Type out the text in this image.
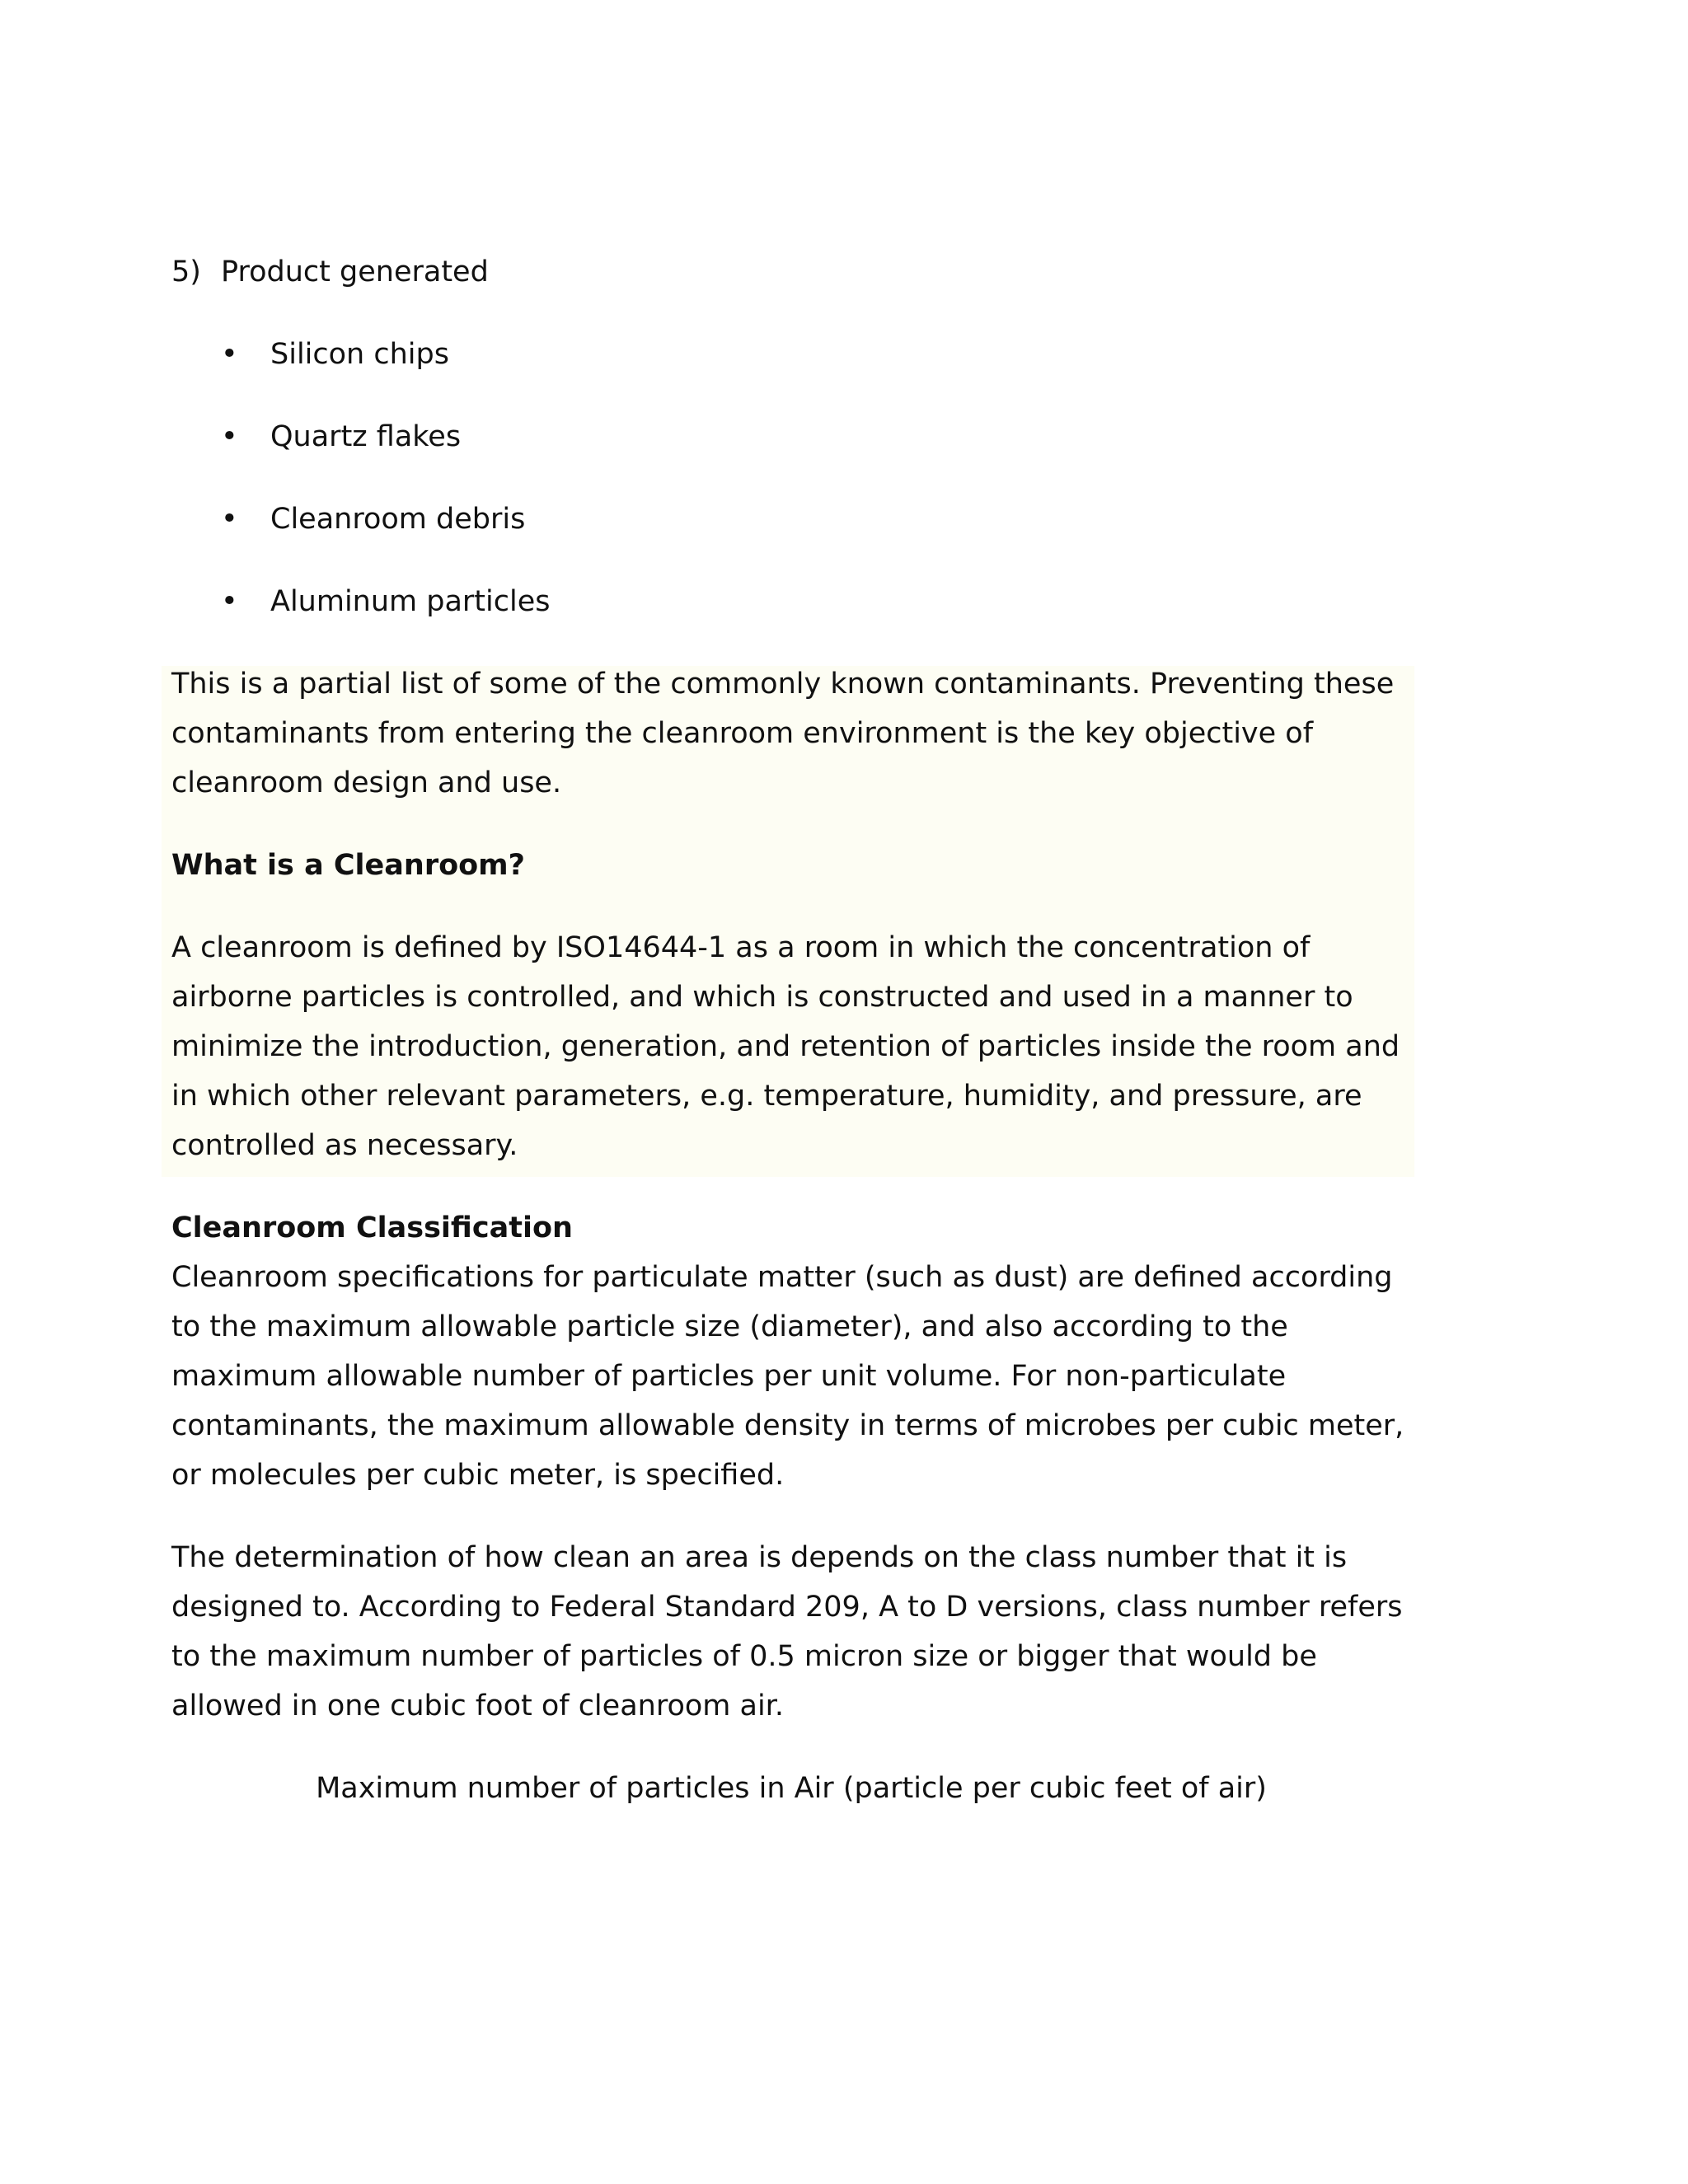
5) Product generated

• Silicon chips
• Quartz flakes
• Cleanroom debris
• Aluminum particles

This is a partial list of some of the commonly known contaminants. Preventing these contaminants from entering the cleanroom environment is the key objective of cleanroom design and use.

What is a Cleanroom?

A cleanroom is defined by ISO14644-1 as a room in which the concentration of airborne particles is controlled, and which is constructed and used in a manner to minimize the introduction, generation, and retention of particles inside the room and in which other relevant parameters, e.g. temperature, humidity, and pressure, are controlled as necessary.

Cleanroom Classification

Cleanroom specifications for particulate matter (such as dust) are defined according to the maximum allowable particle size (diameter), and also according to the maximum allowable number of particles per unit volume. For non-particulate contaminants, the maximum allowable density in terms of microbes per cubic meter, or molecules per cubic meter, is specified.

The determination of how clean an area is depends on the class number that it is designed to. According to Federal Standard 209, A to D versions, class number refers to the maximum number of particles of 0.5 micron size or bigger that would be allowed in one cubic foot of cleanroom air.

Maximum number of particles in Air (particle per cubic feet of air)
